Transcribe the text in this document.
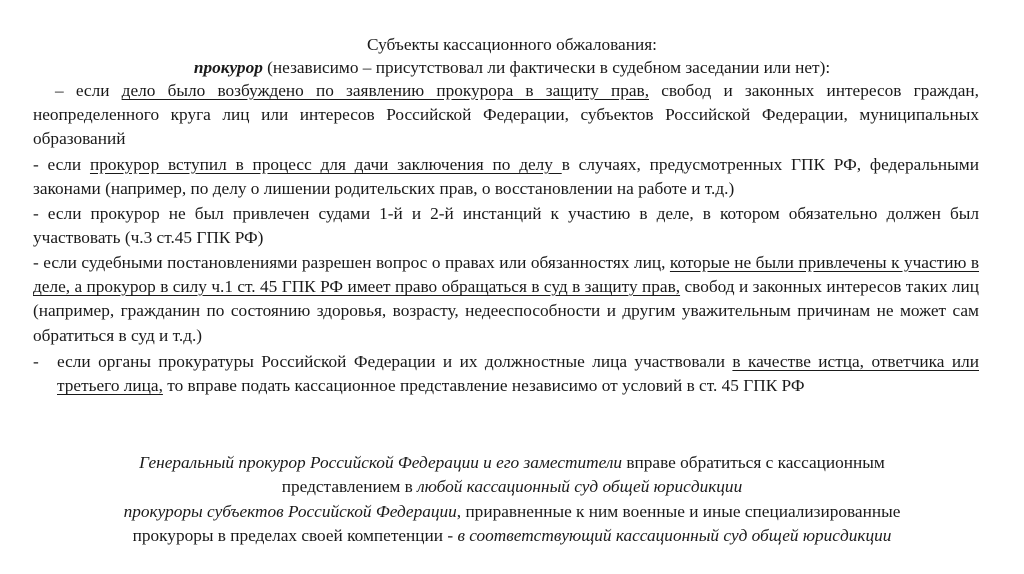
Субъекты кассационного обжалования:
прокурор (независимо – присутствовал ли фактически в судебном заседании или нет):
– если дело было возбуждено по заявлению прокурора в защиту прав, свобод и законных интересов граждан, неопределенного круга лиц или интересов Российской Федерации, субъектов Российской Федерации, муниципальных образований
- если прокурор вступил в процесс для дачи заключения по делу в случаях, предусмотренных ГПК РФ, федеральными законами (например, по делу о лишении родительских прав, о восстановлении на работе и т.д.)
- если прокурор не был привлечен судами 1-й и 2-й инстанций к участию в деле, в котором обязательно должен был участвовать (ч.3 ст.45 ГПК РФ)
- если судебными постановлениями разрешен вопрос о правах или обязанностях лиц, которые не были привлечены к участию в деле, а прокурор в силу ч.1 ст. 45 ГПК РФ имеет право обращаться в суд в защиту прав, свобод и законных интересов таких лиц (например, гражданин по состоянию здоровья, возрасту, недееспособности и другим уважительным причинам не может сам обратиться в суд и т.д.)
- если органы прокуратуры Российской Федерации и их должностные лица участвовали в качестве истца, ответчика или третьего лица, то вправе подать кассационное представление независимо от условий в ст. 45 ГПК РФ
Генеральный прокурор Российской Федерации и его заместители вправе обратиться с кассационным
представлением в любой кассационный суд общей юрисдикции
прокуроры субъектов Российской Федерации, приравненные к ним военные и иные специализированные
прокуроры в пределах своей компетенции - в соответствующий кассационный суд общей юрисдикции
